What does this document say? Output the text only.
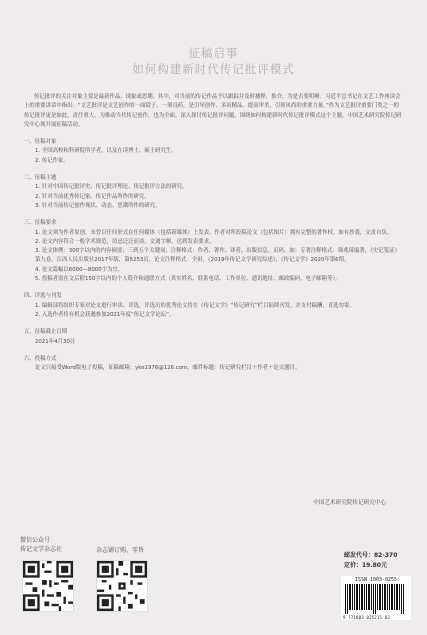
征稿启事
如何构建新时代传记批评模式

传记批评的关注对象主要是最新作品、现象或思潮。其中，对当前的传记作品予以跟踪并及时捕释，推介，为是否要明晰。习近平总书记在文艺工作座谈会上的重要讲话中指出：“文艺批评是文艺创作的一面镜子、一剂良药，是引导创作、多出精品、提高审美、引领风尚的重要力量。”作为文艺批评重要门类之一的传记批评更是如此，责任重大。为推动当代传记创作，也为全面、深入探讨传记批评问题，围绕如何构建新时代传记批评模式这个主题，中国艺术研究院传记研究中心现开展征稿活动。

一、征稿对象

1. 全国高校和科研院所学者，以及在读博士、硕士研究生。

2. 传记作家。

二、征稿主题

1. 针对中国传记批评史、传记批评理论、传记批评方法的研究。

2. 针对当前优秀传记家、传记作品所作的研究。

3. 针对当前传记创作现状、动态、思潮所作的研究。

三、征稿要求

1. 论文须为作者原创，未曾以任何形式在任何媒体（包括新媒体）上发表。作者对所投稿论文（包括图片）拥有完整的著作权，如有抄袭，文责自负。

2. 论文内容符合一般学术规范，切忌泛泛而谈，文通字顺，达到发表要求。

3. 论文体例：300字以内的内容摘要；三到五个关键词；注释格式：作者、著作、译者、出版信息、页码。如：专著注释格式：韩兆琦编著，《史记笺证》第九卷，江西人民出版社2017年版，第5253页。论文注释格式：全祖，《2019年传记文学研究综述》，《传记文学》2020年第6期。

4. 论文篇幅以6000—8000字为宜。

5. 投稿者需在文后附150字以内的个人简介和通联方式（真实姓名、联系电话、工作单位、通讯地址、邮政编码、电子邮箱等）。

四、评选与刊发

1. 编辑部将组织专家对论文进行审读、评选，评选出的优秀论文将在《传记文学》“传记研究”栏目陆续刊发，并支付稿酬，青选勿寄。

2. 入选作者将有机会获邀参加2021年度“传记文学论坛”。

五、征稿截止日期

2021年4月30日

六、投稿方式

论文只接受Word版电子投稿，征稿邮箱：yke1976@126.com，邮件标题：传记研究栏目＋作者＋论文题目。

中国艺术研究院传记研究中心
微信公众号
传记文学杂志社	杂志铺订购、零售
邮发代号：82-370
定价：19.80元
ISSN 1003-0255
9 771003 025215 03
